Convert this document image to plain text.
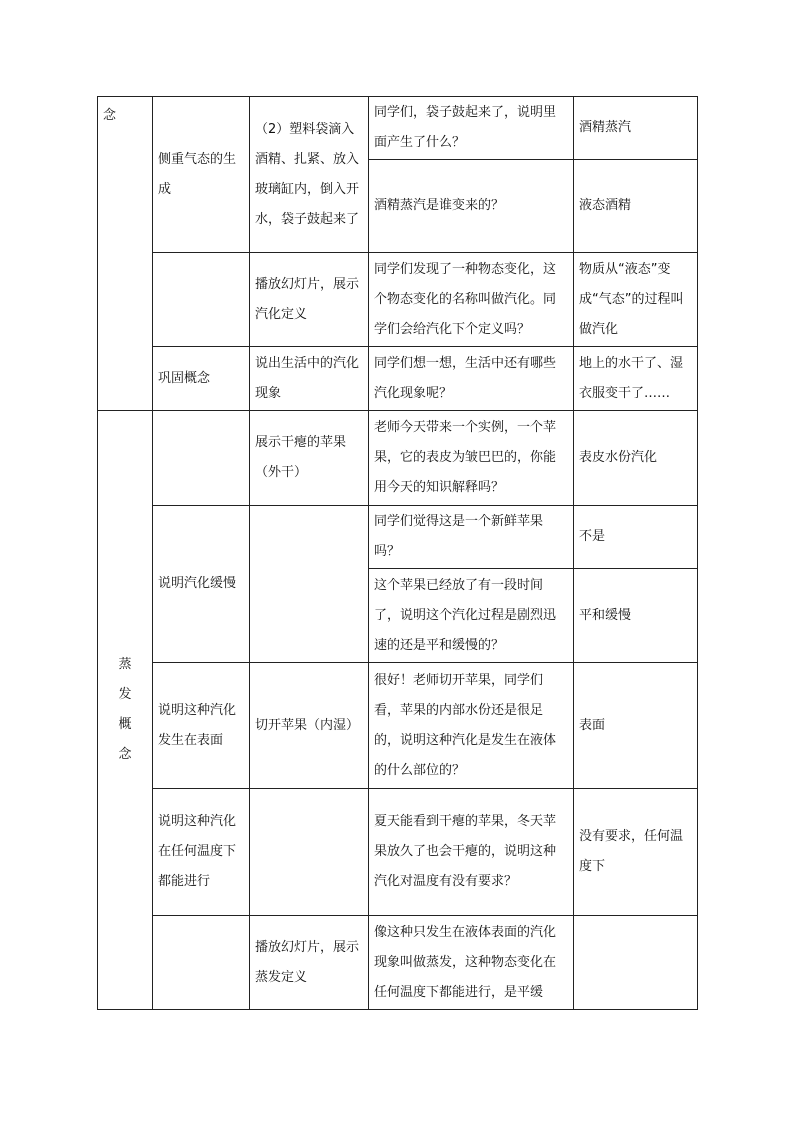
念	侧重气态的生成	（2）塑料袋滴入酒精、扎紧、放入玻璃缸内，倒入开水，袋子鼓起来了	同学们，袋子鼓起来了，说明里面产生了什么？	酒精蒸汽
			酒精蒸汽是谁变来的？	液态酒精
		播放幻灯片，展示汽化定义	同学们发现了一种物态变化，这个物态变化的名称叫做汽化。同学们会给汽化下个定义吗？	物质从“液态”变成“气态”的过程叫做汽化
	巩固概念	说出生活中的汽化现象	同学们想一想，生活中还有哪些汽化现象呢？	地上的水干了、湿衣服变干了……

蒸发概念		展示干瘪的苹果（外干）	老师今天带来一个实例，一个苹果，它的表皮为皱巴巴的，你能用今天的知识解释吗？	表皮水份汽化
	说明汽化缓慢		同学们觉得这是一个新鲜苹果吗？	不是
			这个苹果已经放了有一段时间了，说明这个汽化过程是剧烈迅速的还是平和缓慢的？	平和缓慢
	说明这种汽化发生在表面	切开苹果（内湿）	很好！老师切开苹果，同学们看，苹果的内部水份还是很足的，说明这种汽化是发生在液体的什么部位的？	表面
	说明这种汽化在任何温度下都能进行		夏天能看到干瘪的苹果，冬天苹果放久了也会干瘪的，说明这种汽化对温度有没有要求？	没有要求，任何温度下
		播放幻灯片，展示蒸发定义	像这种只发生在液体表面的汽化现象叫做蒸发，这种物态变化在任何温度下都能进行，是平缓	
